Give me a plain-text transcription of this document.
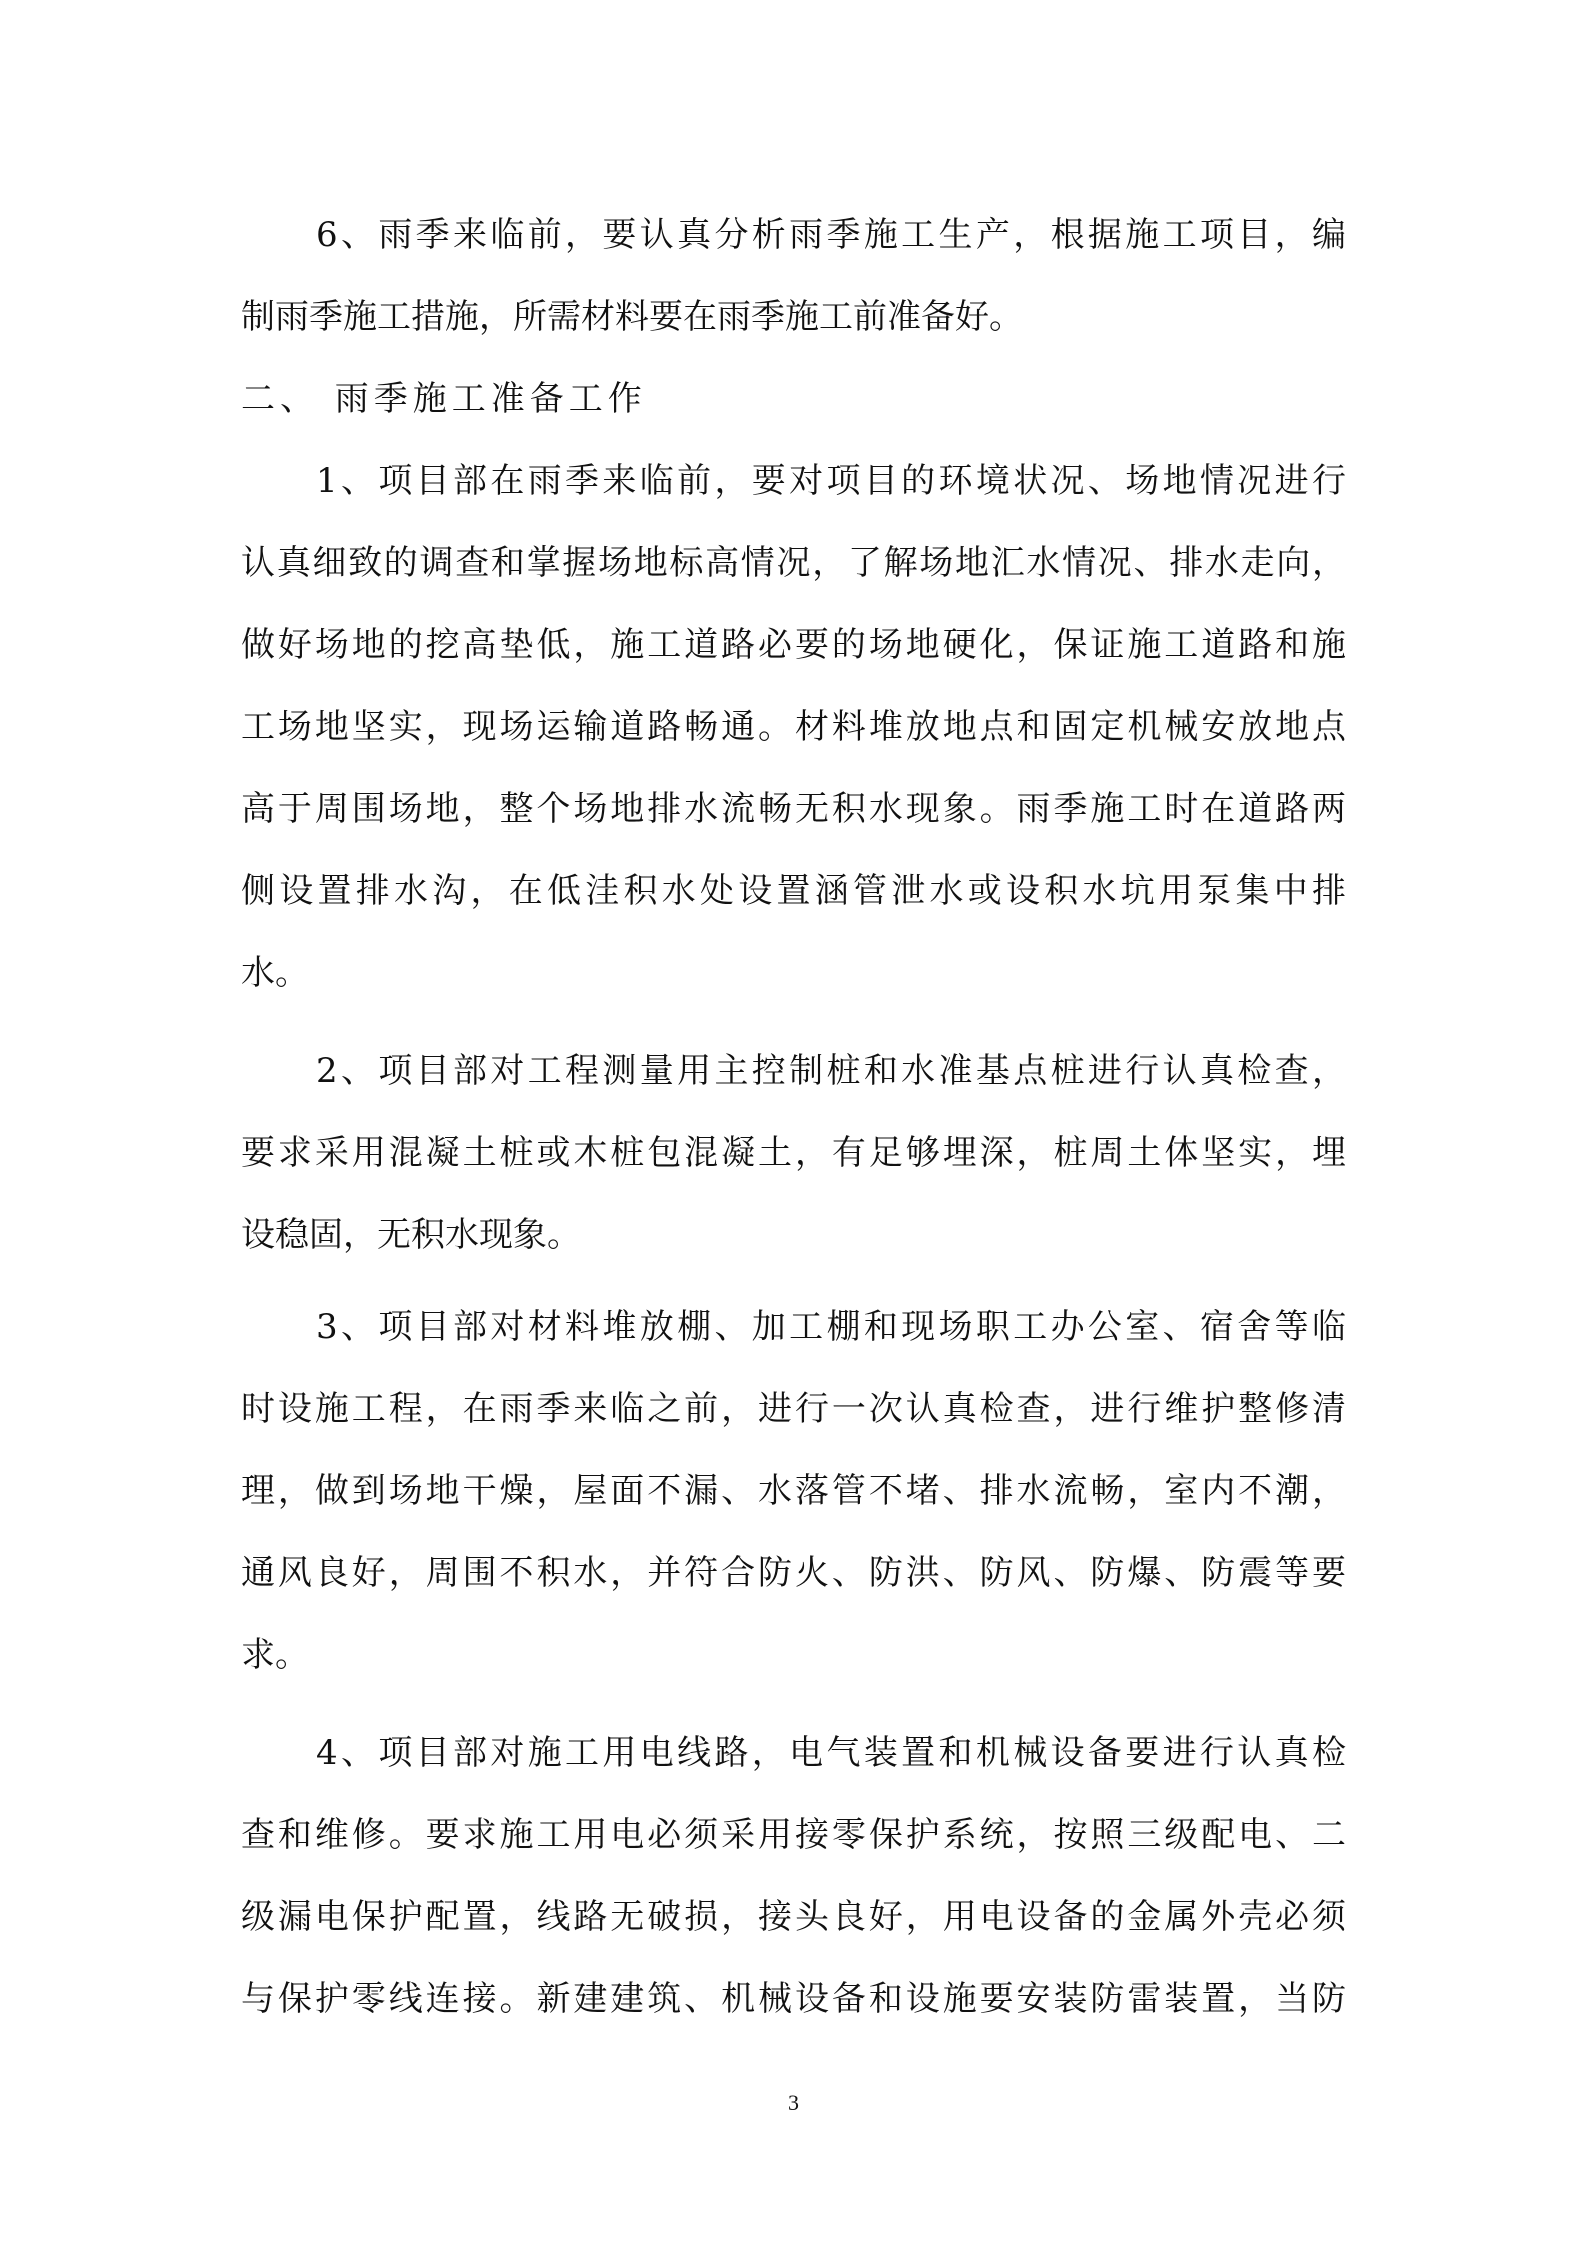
6、雨季来临前，要认真分析雨季施工生产，根据施工项目，编
制雨季施工措施，所需材料要在雨季施工前准备好。
二、 雨季施工准备工作
1、项目部在雨季来临前，要对项目的环境状况、场地情况进行
认真细致的调查和掌握场地标高情况，了解场地汇水情况、排水走向，
做好场地的挖高垫低，施工道路必要的场地硬化，保证施工道路和施
工场地坚实，现场运输道路畅通。材料堆放地点和固定机械安放地点
高于周围场地，整个场地排水流畅无积水现象。雨季施工时在道路两
侧设置排水沟，在低洼积水处设置涵管泄水或设积水坑用泵集中排
水。
2、项目部对工程测量用主控制桩和水准基点桩进行认真检查，
要求采用混凝土桩或木桩包混凝土，有足够埋深，桩周土体坚实，埋
设稳固，无积水现象。
3、项目部对材料堆放棚、加工棚和现场职工办公室、宿舍等临
时设施工程，在雨季来临之前，进行一次认真检查，进行维护整修清
理，做到场地干燥，屋面不漏、水落管不堵、排水流畅，室内不潮，
通风良好，周围不积水，并符合防火、防洪、防风、防爆、防震等要
求。
4、项目部对施工用电线路，电气装置和机械设备要进行认真检
查和维修。要求施工用电必须采用接零保护系统，按照三级配电、二
级漏电保护配置，线路无破损，接头良好，用电设备的金属外壳必须
与保护零线连接。新建建筑、机械设备和设施要安装防雷装置，当防
3
